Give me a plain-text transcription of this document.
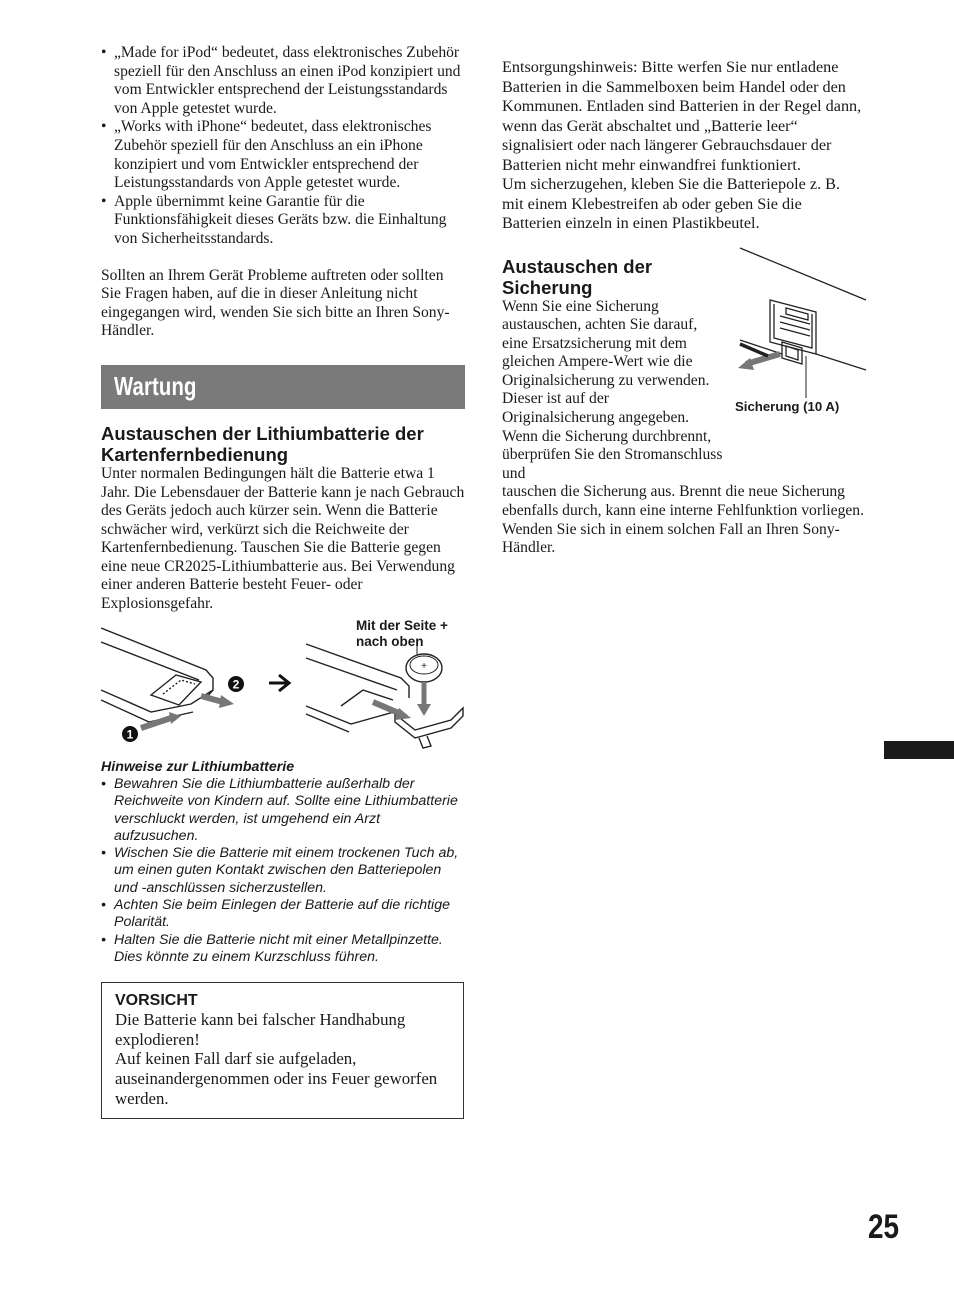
• „Made for iPod“ bedeutet, dass elektronisches Zubehör speziell für den Anschluss an einen iPod konzipiert und vom Entwickler entsprechend der Leistungsstandards von Apple getestet wurde.
• „Works with iPhone“ bedeutet, dass elektronisches Zubehör speziell für den Anschluss an ein iPhone konzipiert und vom Entwickler entsprechend der Leistungsstandards von Apple getestet wurde.
• Apple übernimmt keine Garantie für die Funktionsfähigkeit dieses Geräts bzw. die Einhaltung von Sicherheitsstandards.

Sollten an Ihrem Gerät Probleme auftreten oder sollten Sie Fragen haben, auf die in dieser Anleitung nicht eingegangen wird, wenden Sie sich bitte an Ihren Sony-Händler.

Wartung
Austauschen der Lithiumbatterie der Kartenfernbedienung

Unter normalen Bedingungen hält die Batterie etwa 1 Jahr. Die Lebensdauer der Batterie kann je nach Gebrauch des Geräts jedoch auch kürzer sein. Wenn die Batterie schwächer wird, verkürzt sich die Reichweite der Kartenfernbedienung. Tauschen Sie die Batterie gegen eine neue CR2025-Lithiumbatterie aus. Bei Verwendung einer anderen Batterie besteht Feuer- oder Explosionsgefahr.

Mit der Seite + nach oben
1
2
+
Hinweise zur Lithiumbatterie
• Bewahren Sie die Lithiumbatterie außerhalb der Reichweite von Kindern auf. Sollte eine Lithiumbatterie verschluckt werden, ist umgehend ein Arzt aufzusuchen.
• Wischen Sie die Batterie mit einem trockenen Tuch ab, um einen guten Kontakt zwischen den Batteriepolen und -anschlüssen sicherzustellen.
• Achten Sie beim Einlegen der Batterie auf die richtige Polarität.
• Halten Sie die Batterie nicht mit einer Metallpinzette. Dies könnte zu einem Kurzschluss führen.
VORSICHT
Die Batterie kann bei falscher Handhabung explodieren!
Auf keinen Fall darf sie aufgeladen, auseinandergenommen oder ins Feuer geworfen werden.

Entsorgungshinweis: Bitte werfen Sie nur entladene Batterien in die Sammelboxen beim Handel oder den Kommunen. Entladen sind Batterien in der Regel dann, wenn das Gerät abschaltet und „Batterie leer“ signalisiert oder nach längerer Gebrauchsdauer der Batterien nicht mehr einwandfrei funktioniert.

Um sicherzugehen, kleben Sie die Batteriepole z. B. mit einem Klebestreifen ab oder geben Sie die Batterien einzeln in einen Plastikbeutel.

Austauschen der Sicherung
Sicherung (10 A)

Wenn Sie eine Sicherung austauschen, achten Sie darauf, eine Ersatzsicherung mit dem gleichen Ampere-Wert wie die Originalsicherung zu verwenden. Dieser ist auf der Originalsicherung angegeben. Wenn die Sicherung durchbrennt, überprüfen Sie den Stromanschluss und

tauschen die Sicherung aus. Brennt die neue Sicherung ebenfalls durch, kann eine interne Fehlfunktion vorliegen. Wenden Sie sich in einem solchen Fall an Ihren Sony-Händler.

25
